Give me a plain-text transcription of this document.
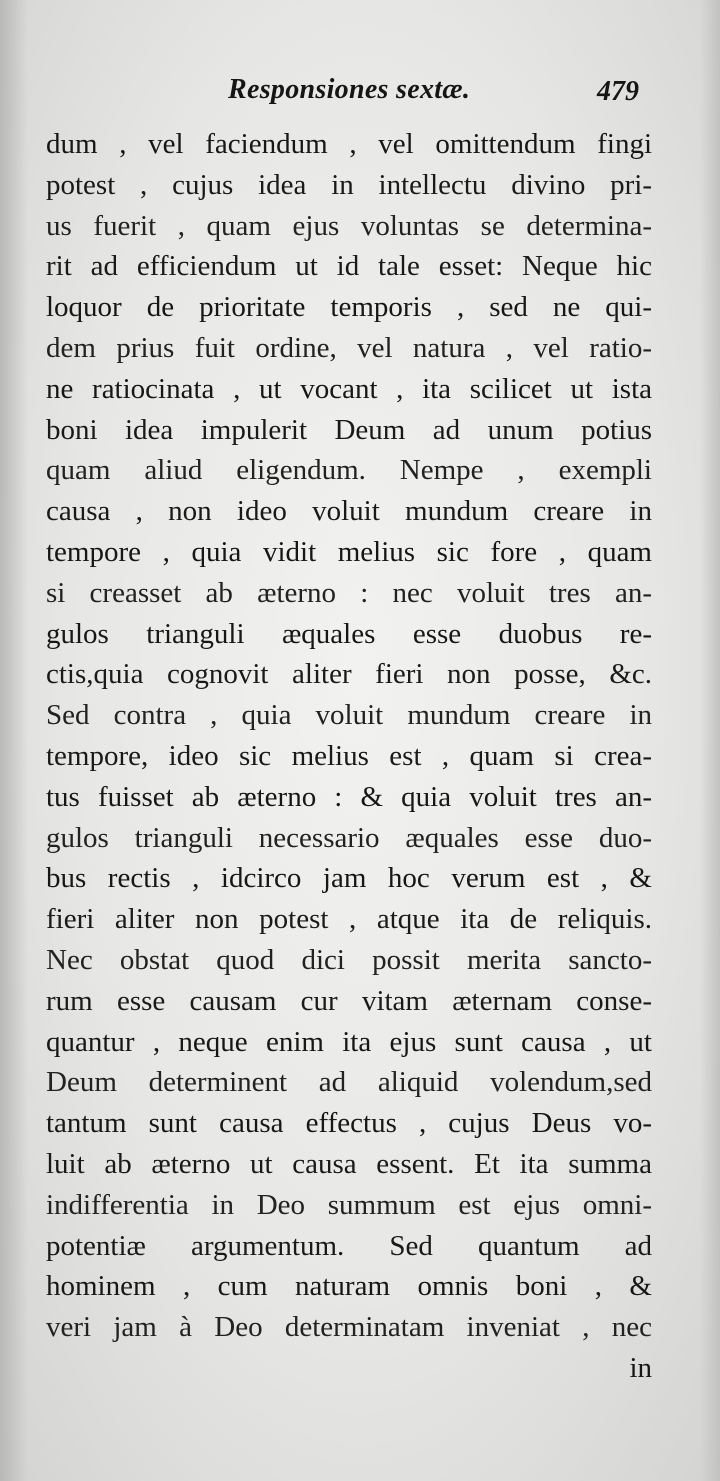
Responsiones sextæ.	479
dum , vel faciendum , vel omittendum fingi
potest , cujus idea in intellectu divino pri-
us fuerit , quam ejus voluntas se determina-
rit ad efficiendum ut id tale esset: Neque hic
loquor de prioritate temporis , sed ne qui-
dem prius fuit ordine, vel natura , vel ratio-
ne ratiocinata , ut vocant , ita scilicet ut ista
boni idea impulerit Deum ad unum potius
quam aliud eligendum. Nempe , exempli
causa , non ideo voluit mundum creare in
tempore , quia vidit melius sic fore , quam
si creasset ab æterno : nec voluit tres an-
gulos trianguli æquales esse duobus re-
ctis,quia cognovit aliter fieri non posse, &c.
Sed contra , quia voluit mundum creare in
tempore, ideo sic melius est , quam si crea-
tus fuisset ab æterno : & quia voluit tres an-
gulos trianguli necessario æquales esse duo-
bus rectis , idcirco jam hoc verum est , &
fieri aliter non potest , atque ita de reliquis.
Nec obstat quod dici possit merita sancto-
rum esse causam cur vitam æternam conse-
quantur , neque enim ita ejus sunt causa , ut
Deum determinent ad aliquid volendum,sed
tantum sunt causa effectus , cujus Deus vo-
luit ab æterno ut causa essent. Et ita summa
indifferentia in Deo summum est ejus omni-
potentiæ argumentum. Sed quantum ad
hominem , cum naturam omnis boni , &
veri jam à Deo determinatam inveniat , nec
in
